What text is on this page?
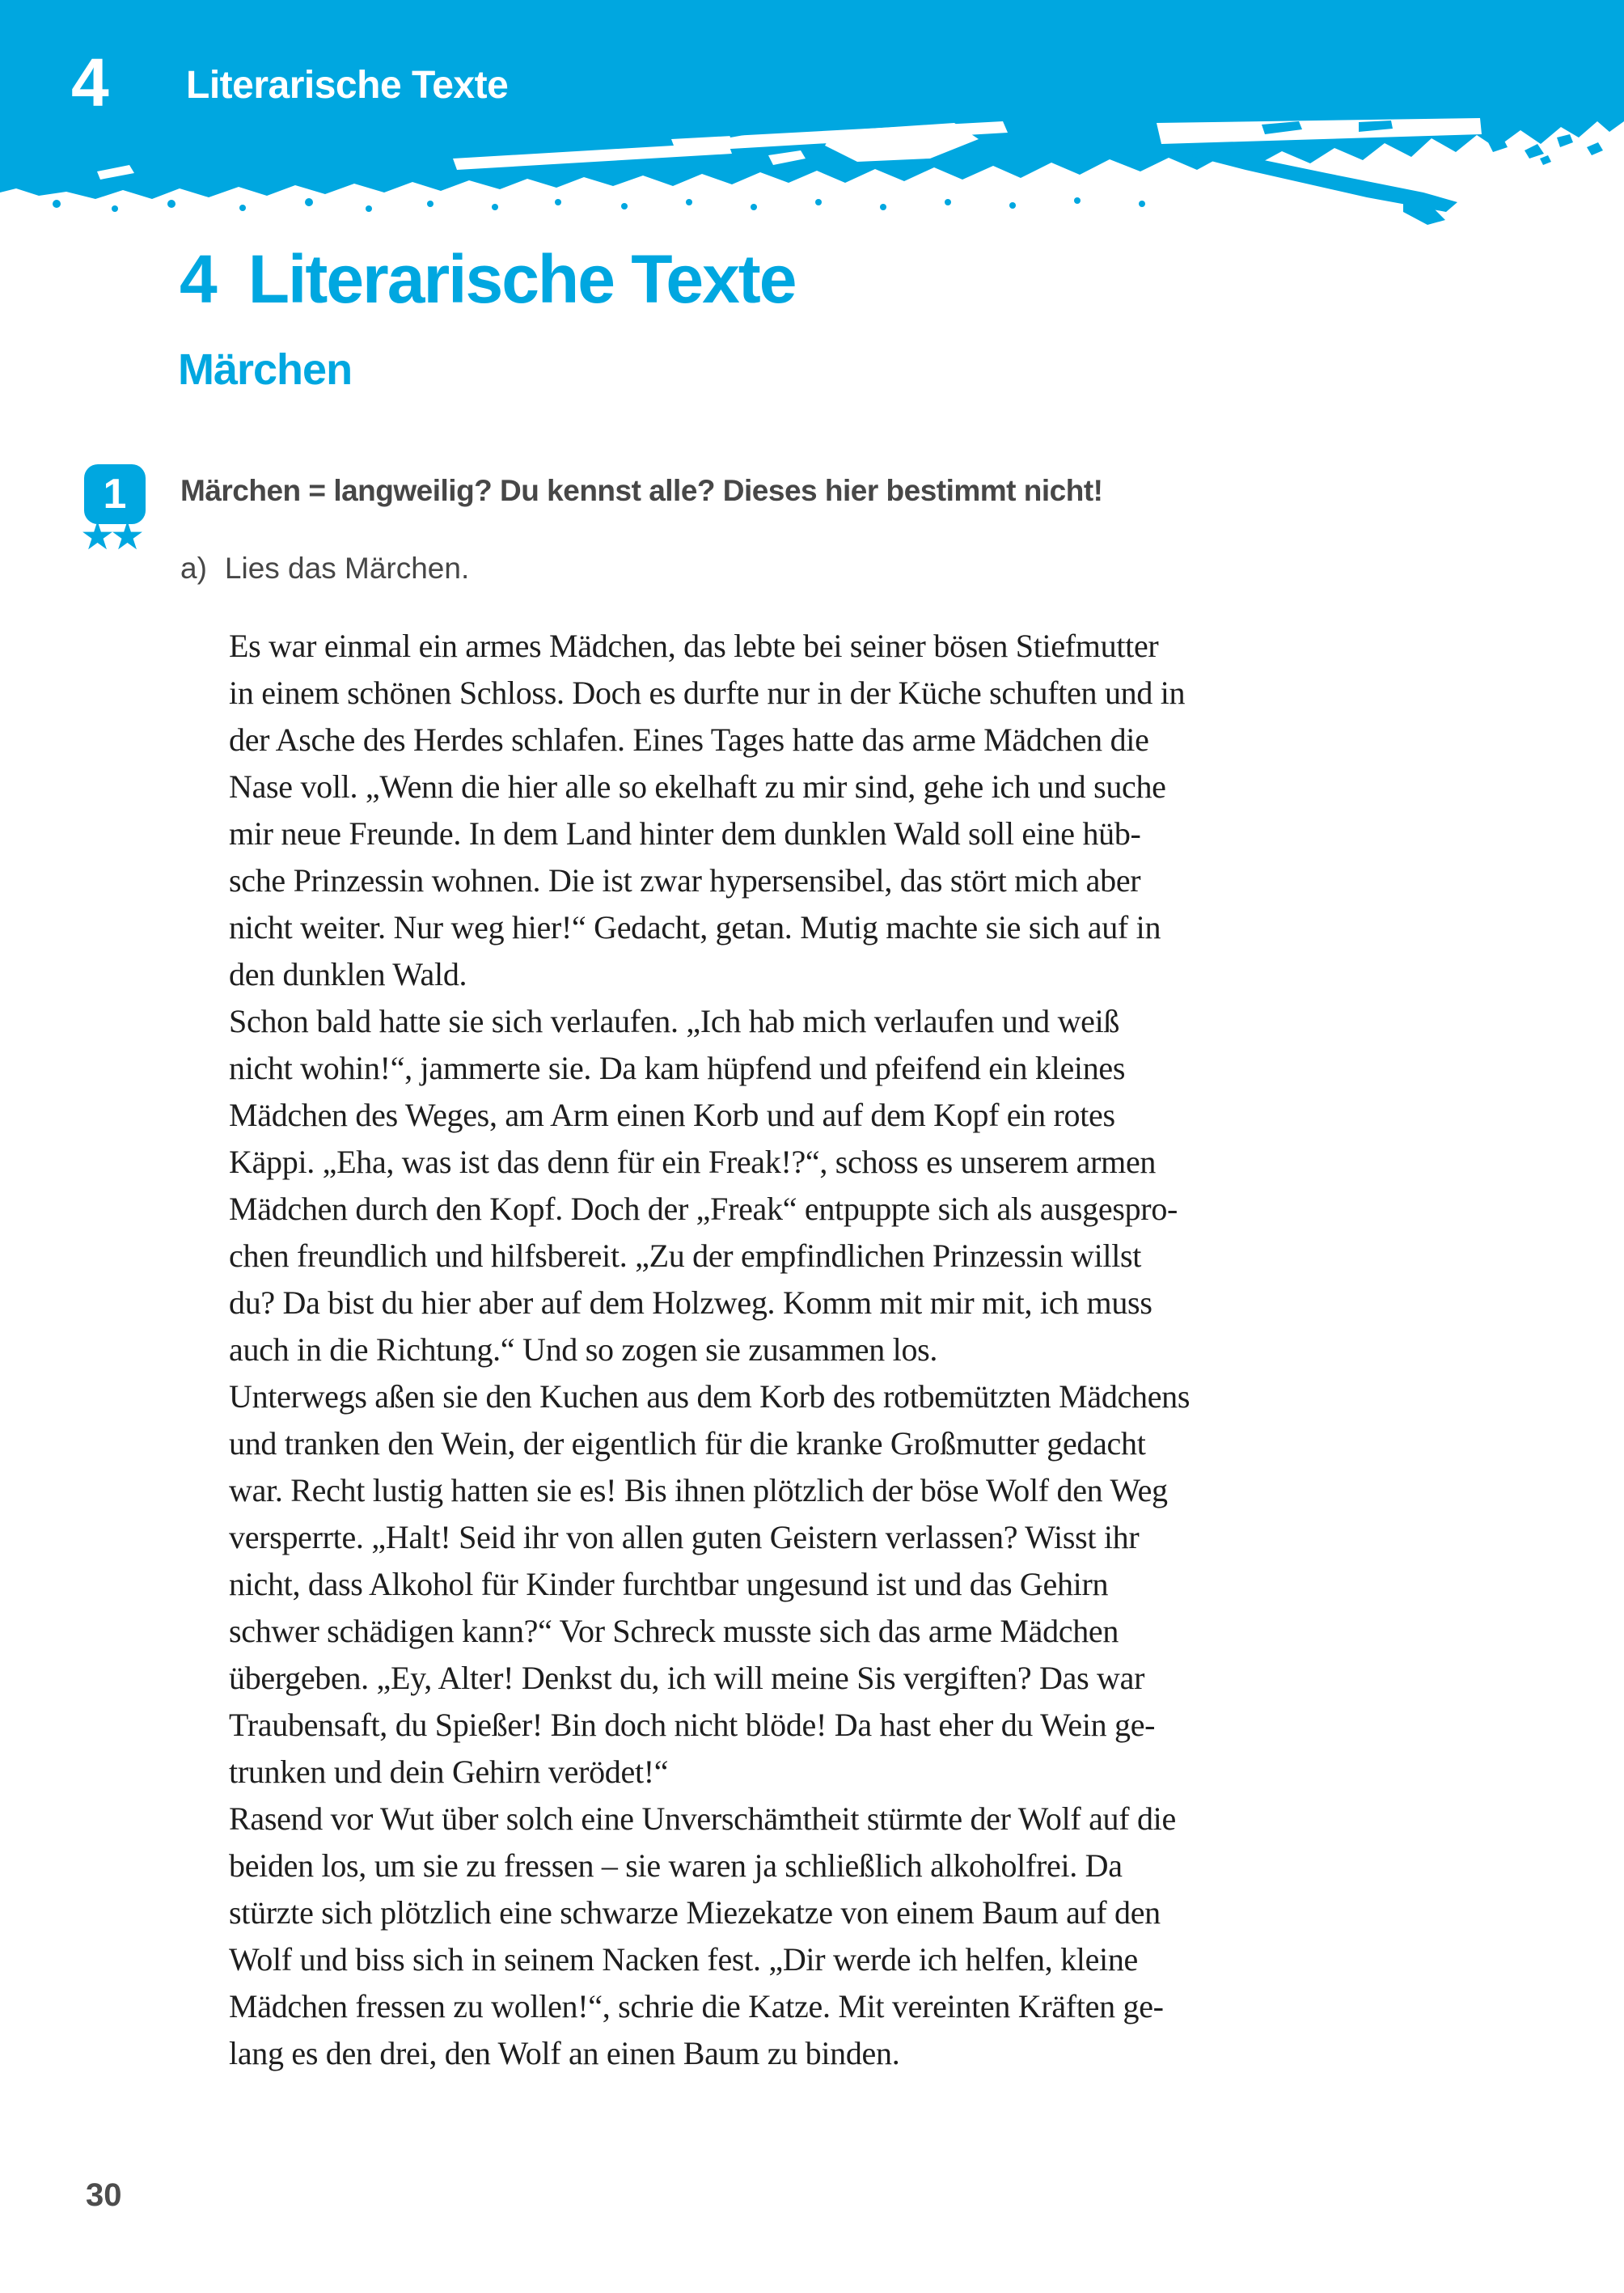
4 Literarische Texte
4 Literarische Texte
Märchen
1
★★
Märchen = langweilig? Du kennst alle? Dieses hier bestimmt nicht!
a) Lies das Märchen.
Es war einmal ein armes Mädchen, das lebte bei seiner bösen Stiefmutter
in einem schönen Schloss. Doch es durfte nur in der Küche schuften und in
der Asche des Herdes schlafen. Eines Tages hatte das arme Mädchen die
Nase voll. „Wenn die hier alle so ekelhaft zu mir sind, gehe ich und suche
mir neue Freunde. In dem Land hinter dem dunklen Wald soll eine hüb-
sche Prinzessin wohnen. Die ist zwar hypersensibel, das stört mich aber
nicht weiter. Nur weg hier!“ Gedacht, getan. Mutig machte sie sich auf in
den dunklen Wald.
Schon bald hatte sie sich verlaufen. „Ich hab mich verlaufen und weiß
nicht wohin!“, jammerte sie. Da kam hüpfend und pfeifend ein kleines
Mädchen des Weges, am Arm einen Korb und auf dem Kopf ein rotes
Käppi. „Eha, was ist das denn für ein Freak!?“, schoss es unserem armen
Mädchen durch den Kopf. Doch der „Freak“ entpuppte sich als ausgespro-
chen freundlich und hilfsbereit. „Zu der empfindlichen Prinzessin willst
du? Da bist du hier aber auf dem Holzweg. Komm mit mir mit, ich muss
auch in die Richtung.“ Und so zogen sie zusammen los.
Unterwegs aßen sie den Kuchen aus dem Korb des rotbemützten Mädchens
und tranken den Wein, der eigentlich für die kranke Großmutter gedacht
war. Recht lustig hatten sie es! Bis ihnen plötzlich der böse Wolf den Weg
versperrte. „Halt! Seid ihr von allen guten Geistern verlassen? Wisst ihr
nicht, dass Alkohol für Kinder furchtbar ungesund ist und das Gehirn
schwer schädigen kann?“ Vor Schreck musste sich das arme Mädchen
übergeben. „Ey, Alter! Denkst du, ich will meine Sis vergiften? Das war
Traubensaft, du Spießer! Bin doch nicht blöde! Da hast eher du Wein ge-
trunken und dein Gehirn verödet!“
Rasend vor Wut über solch eine Unverschämtheit stürmte der Wolf auf die
beiden los, um sie zu fressen – sie waren ja schließlich alkoholfrei. Da
stürzte sich plötzlich eine schwarze Miezekatze von einem Baum auf den
Wolf und biss sich in seinem Nacken fest. „Dir werde ich helfen, kleine
Mädchen fressen zu wollen!“, schrie die Katze. Mit vereinten Kräften ge-
lang es den drei, den Wolf an einen Baum zu binden.
30
